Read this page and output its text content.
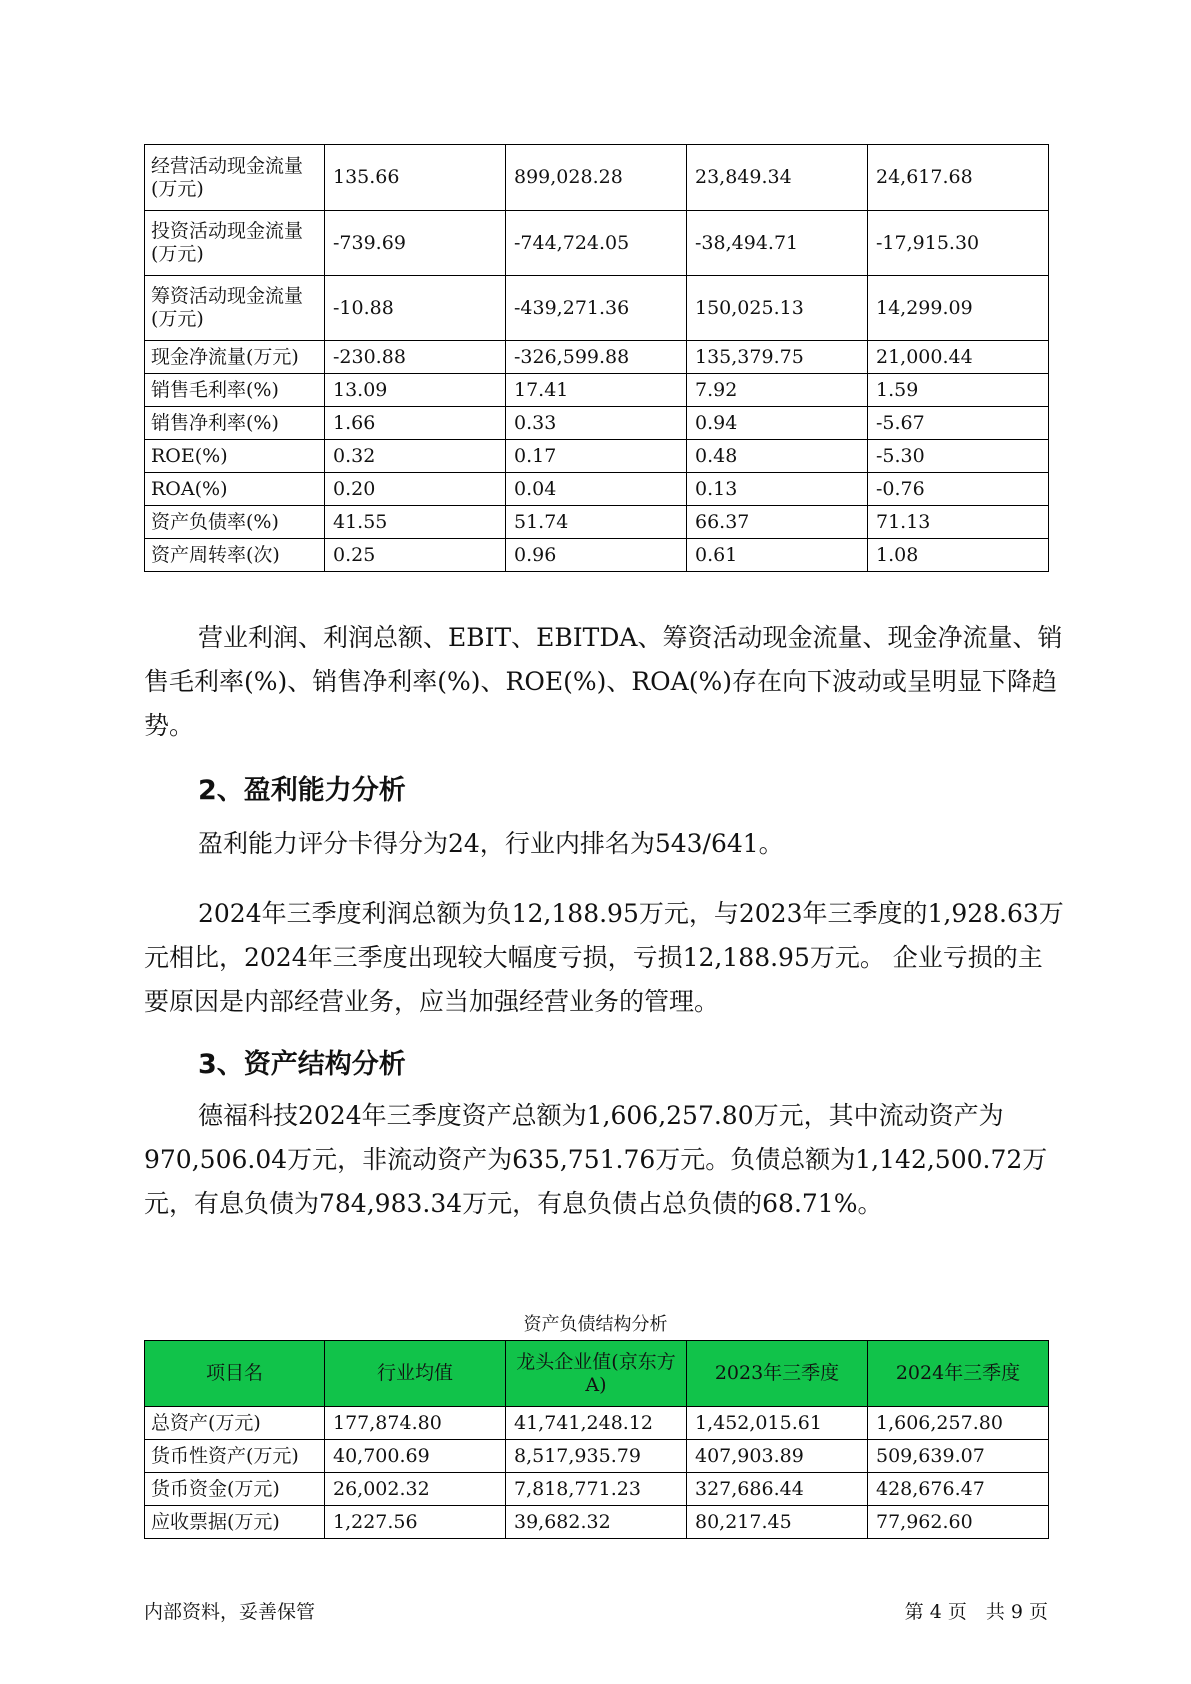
经营活动现金流量(万元)	135.66	899,028.28	23,849.34	24,617.68
投资活动现金流量(万元)	-739.69	-744,724.05	-38,494.71	-17,915.30
筹资活动现金流量(万元)	-10.88	-439,271.36	150,025.13	14,299.09
现金净流量(万元)	-230.88	-326,599.88	135,379.75	21,000.44
销售毛利率(%)	13.09	17.41	7.92	1.59
销售净利率(%)	1.66	0.33	0.94	-5.67
ROE(%)	0.32	0.17	0.48	-5.30
ROA(%)	0.20	0.04	0.13	-0.76
资产负债率(%)	41.55	51.74	66.37	71.13
资产周转率(次)	0.25	0.96	0.61	1.08

营业利润、利润总额、EBIT、EBITDA、筹资活动现金流量、现金净流量、销售毛利率(%)、销售净利率(%)、ROE(%)、ROA(%)存在向下波动或呈明显下降趋势。

2、盈利能力分析

盈利能力评分卡得分为24，行业内排名为543/641。

2024年三季度利润总额为负12,188.95万元，与2023年三季度的1,928.63万元相比，2024年三季度出现较大幅度亏损，亏损12,188.95万元。 企业亏损的主要原因是内部经营业务，应当加强经营业务的管理。

3、资产结构分析

德福科技2024年三季度资产总额为1,606,257.80万元，其中流动资产为970,506.04万元，非流动资产为635,751.76万元。负债总额为1,142,500.72万元，有息负债为784,983.34万元，有息负债占总负债的68.71%。

资产负债结构分析
项目名	行业均值	龙头企业值(京东方A)	2023年三季度	2024年三季度
总资产(万元)	177,874.80	41,741,248.12	1,452,015.61	1,606,257.80
货币性资产(万元)	40,700.69	8,517,935.79	407,903.89	509,639.07
货币资金(万元)	26,002.32	7,818,771.23	327,686.44	428,676.47
应收票据(万元)	1,227.56	39,682.32	80,217.45	77,962.60
内部资料，妥善保管	第 4 页　共 9 页
